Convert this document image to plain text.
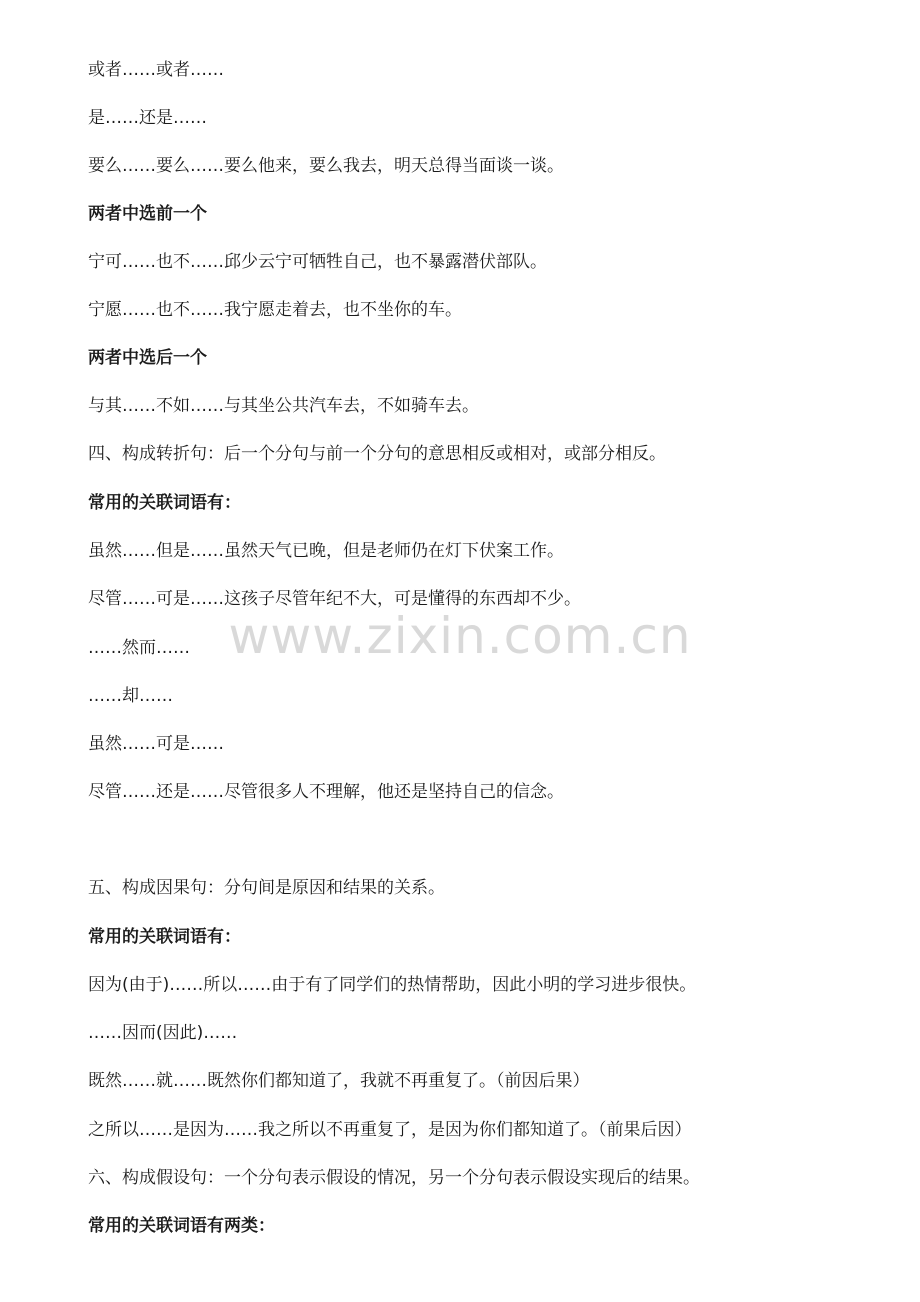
或者……或者……
是……还是……
要么……要么……要么他来，要么我去，明天总得当面谈一谈。
两者中选前一个
宁可……也不……邱少云宁可牺牲自己，也不暴露潜伏部队。
宁愿……也不……我宁愿走着去，也不坐你的车。
两者中选后一个
与其……不如……与其坐公共汽车去，不如骑车去。
四、构成转折句：后一个分句与前一个分句的意思相反或相对，或部分相反。
常用的关联词语有：
虽然……但是……虽然天气已晚，但是老师仍在灯下伏案工作。
尽管……可是……这孩子尽管年纪不大，可是懂得的东西却不少。
……然而……
……却……
虽然……可是……
尽管……还是……尽管很多人不理解，他还是坚持自己的信念。
五、构成因果句：分句间是原因和结果的关系。
常用的关联词语有：
因为(由于)……所以……由于有了同学们的热情帮助，因此小明的学习进步很快。
……因而(因此)……
既然……就……既然你们都知道了，我就不再重复了。（前因后果）
之所以……是因为……我之所以不再重复了，是因为你们都知道了。（前果后因）
六、构成假设句：一个分句表示假设的情况，另一个分句表示假设实现后的结果。
常用的关联词语有两类：
www.zixin.com.cn
